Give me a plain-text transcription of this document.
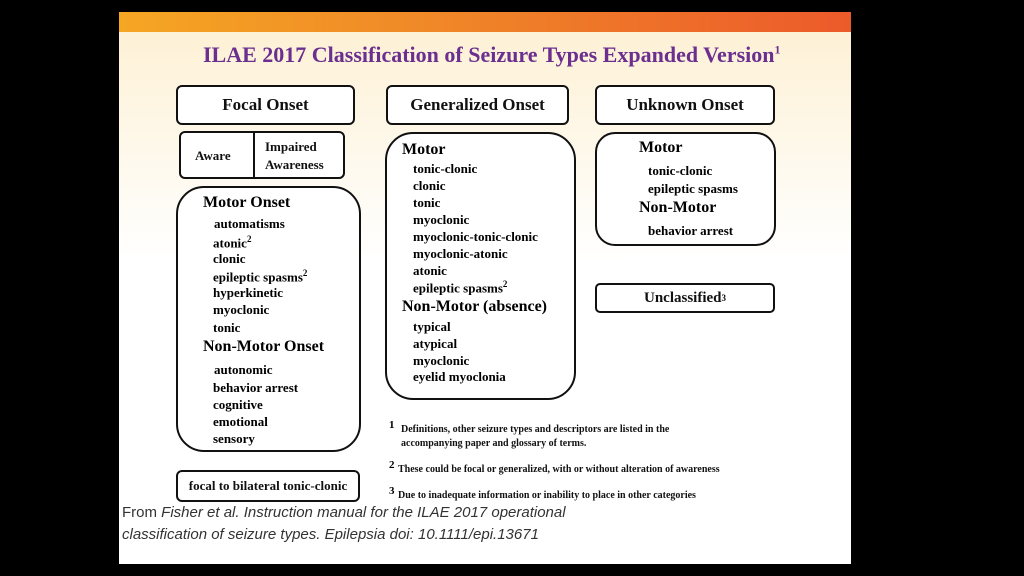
ILAE 2017 Classification of Seizure Types Expanded Version$^1$
Focal Onset
Aware
Impaired
Awareness
Motor Onset
automatisms
atonic$^2$
clonic
epileptic spasms$^2$
hyperkinetic
myoclonic
tonic
Non-Motor Onset
autonomic
behavior arrest
cognitive
emotional
sensory
focal to bilateral tonic-clonic
Generalized Onset
Motor
tonic-clonic
clonic
tonic
myoclonic
myoclonic-tonic-clonic
myoclonic-atonic
atonic
epileptic spasms$^2$
Non-Motor (absence)
typical
atypical
myoclonic
eyelid myoclonia
Unknown Onset
Motor
tonic-clonic
epileptic spasms
Non-Motor
behavior arrest
Unclassified 3
1 Definitions, other seizure types and descriptors are listed in the
accompanying paper and glossary of terms.
2 These could be focal or generalized, with or without alteration of awareness
3 Due to inadequate information or inability to place in other categories
From Fisher et al. Instruction manual for the ILAE 2017 operational
classification of seizure types. Epilepsia doi: 10.1111/epi.13671
